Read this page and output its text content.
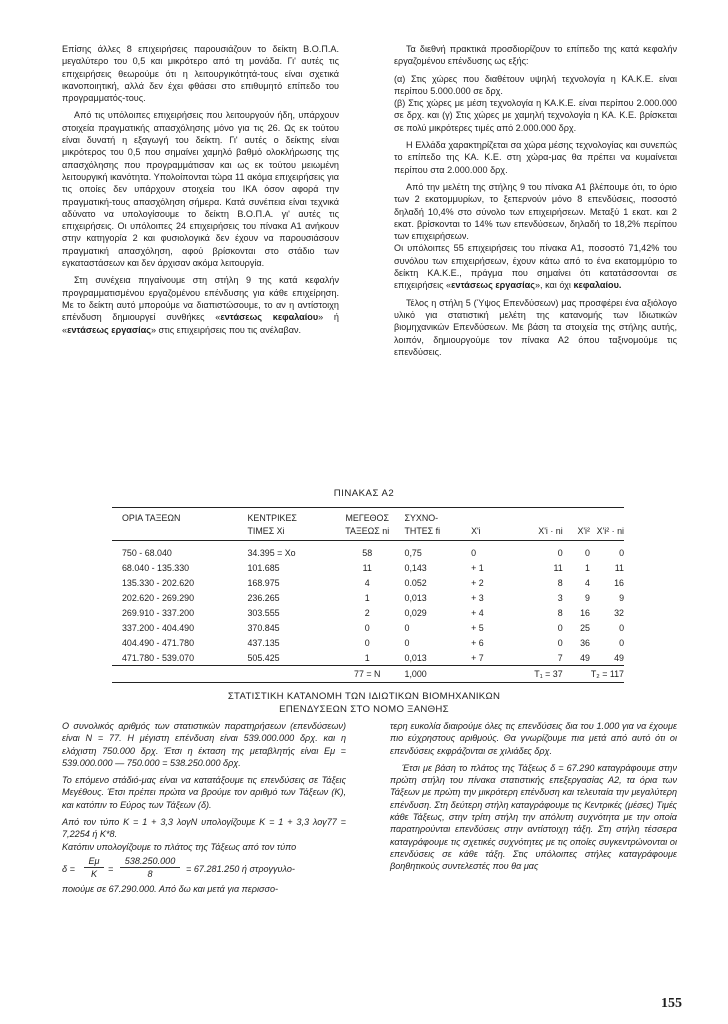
Επίσης άλλες 8 επιχειρήσεις παρουσιάζουν το δείκτη Β.Ο.Π.Α. μεγαλύτερο του 0,5 και μικρότερο από τη μονάδα. Γι' αυτές τις επιχειρήσεις θεωρούμε ότι η λειτουργικότητά-τους είναι σχετικά ικανοποιητική, αλλά δεν έχει φθάσει στο επιθυμητό επίπεδο του προγραμματός-τους.

Από τις υπόλοιπες επιχειρήσεις που λειτουργούν ήδη, υπάρχουν στοιχεία πραγματικής απασχόλησης μόνο για τις 26. Ως εκ τούτου είναι δυνατή η εξαγωγή του δείκτη. Γι' αυτές ο δείκτης είναι μικρότερος του 0,5 που σημαίνει χαμηλό βαθμό ολοκλήρωσης της απασχόλησης που προγραμμάτισαν και ως εκ τούτου μειωμένη λειτουργική ικανότητα. Υπολοίπονται τώρα 11 ακόμα επιχειρήσεις για τις οποίες δεν υπάρχουν στοιχεία του ΙΚΑ όσον αφορά την πραγματική-τους απασχόληση σήμερα. Κατά συνέπεια είναι τεχνικά αδύνατο να υπολογίσουμε το δείκτη Β.Ο.Π.Α. γι' αυτές τις επιχειρήσεις. Οι υπόλοιπες 24 επιχειρήσεις του πίνακα Α1 ανήκουν στην κατηγορία 2 και φυσιολογικά δεν έχουν να παρουσιάσουν πραγματική απασχόληση, αφού βρίσκονται στο στάδιο των εγκαταστάσεων και δεν άρχισαν ακόμα λειτουργία.

Στη συνέχεια πηγαίνουμε στη στήλη 9 της κατά κεφαλήν προγραμματισμένου εργαζομένου επένδυσης για κάθε επιχείρηση. Με το δείκτη αυτό μπορούμε να διαπιστώσουμε, το αν η αντίστοιχη επένδυση δημιουργεί συνθήκες «εντάσεως κεφαλαίου» ή «εντάσεως εργασίας» στις επιχειρήσεις που τις ανέλαβαν.

Τα διεθνή πρακτικά προσδιορίζουν το επίπεδο της κατά κεφαλήν εργαζομένου επένδυσης ως εξής:

(α) Στις χώρες που διαθέτουν υψηλή τεχνολογία η ΚΑ.Κ.Ε. είναι περίπου 5.000.000 σε δρχ.

(β) Στις χώρες με μέση τεχνολογία η ΚΑ.Κ.Ε. είναι περίπου 2.000.000 σε δρχ. και (γ) Στις χώρες με χαμηλή τεχνολογία η ΚΑ. Κ.Ε. βρίσκεται σε πολύ μικρότερες τιμές από 2.000.000 δρχ.

Η Ελλάδα χαρακτηρίζεται σα χώρα μέσης τεχνολογίας και συνεπώς το επίπεδο της ΚΑ. Κ.Ε. στη χώρα-μας θα πρέπει να κυμαίνεται περίπου στα 2.000.000 δρχ.

Από την μελέτη της στήλης 9 του πίνακα Α1 βλέπουμε ότι, το όριο των 2 εκατομμυρίων, το ξεπερνούν μόνο 8 επενδύσεις, ποσοστό δηλαδή 10,4% στο σύνολο των επιχειρήσεων. Μεταξύ 1 εκατ. και 2 εκατ. βρίσκονται το 14% των επενδύσεων, δηλαδή το 18,2% περίπου των επιχειρήσεων.

Οι υπόλοιπες 55 επιχειρήσεις του πίνακα Α1, ποσοστό 71,42% του συνόλου των επιχειρήσεων, έχουν κάτω από το ένα εκατομμύριο το δείκτη ΚΑ.Κ.Ε., πράγμα που σημαίνει ότι κατατάσσονται σε επιχειρήσεις «εντάσεως εργασίας», και όχι κεφαλαίου.

Τέλος η στήλη 5 (Ύψος Επενδύσεων) μας προσφέρει ένα αξιόλογο υλικό για στατιστική μελέτη της κατανομής των Ιδιωτικών βιομηχανικών Επενδύσεων. Με βάση τα στοιχεία της στήλης αυτής, λοιπόν, δημιουργούμε τον πίνακα Α2 όπου ταξινομούμε τις επενδύσεις.

ΠΙΝΑΚΑΣ Α2
ΟΡΙΑ ΤΑΞΕΩΝ	ΚΕΝΤΡΙΚΕΣ	ΜΕΓΕΘΟΣ	ΣΥΧΝΟ-				
	ΤΙΜΕΣ Xi	ΤΑΞΕΩΣ ni	ΤΗΤΕΣ fi	X'i	X'i · ni	X'i²	X'i² · ni
750 - 68.040	34.395 = Xo	58	0,75	0	0	0	0
68.040 - 135.330	101.685	11	0,143	+ 1	11	1	11
135.330 - 202.620	168.975	4	0.052	+ 2	8	4	16
202.620 - 269.290	236.265	1	0,013	+ 3	3	9	9
269.910 - 337.200	303.555	2	0,029	+ 4	8	16	32
337.200 - 404.490	370.845	0	0	+ 5	0	25	0
404.490 - 471.780	437.135	0	0	+ 6	0	36	0
471.780 - 539.070	505.425	1	0,013	+ 7	7	49	49
		77 = N	1,000		T₁ = 37		T₂ = 117
ΣΤΑΤΙΣΤΙΚΗ ΚΑΤΑΝΟΜΗ ΤΩΝ ΙΔΙΩΤΙΚΩΝ ΒΙΟΜΗΧΑΝΙΚΩΝ
ΕΠΕΝΔΥΣΕΩΝ ΣΤΟ ΝΟΜΟ ΞΑΝΘΗΣ

Ο συνολικός αριθμός των στατιστικών παρατηρήσεων (επενδύσεων) είναι N = 77. Η μέγιστη επένδυση είναι 539.000.000 δρχ. και η ελάχιστη 750.000 δρχ. Έτσι η έκταση της μεταβλητής είναι Εμ = 539.000.000 — 750.000 = 538.250.000 δρχ.

Το επόμενο στάδιό-μας είναι να κατατάξουμε τις επενδύσεις σε Τάξεις Μεγέθους. Έτσι πρέπει πρώτα να βρούμε τον αριθμό των Τάξεων (Κ), και κατόπιν το Εύρος των Τάξεων (δ).

Από τον τύπο Κ = 1 + 3,3 λογΝ υπολογίζουμε Κ = 1 + 3,3 λογ77 = 7,2254 ή Κ*8.

Κατόπιν υπολογίζουμε το πλάτος της Τάξεως από τον τύπο

$\delta = \frac{E\mu}{K} = \frac{538.250.000}{8} = 67.281.250$ ή στρογγυλο-

ποιούμε σε 67.290.000. Από δω και μετά για περισσο-

τερη ευκολία διαιρούμε όλες τις επενδύσεις δια του 1.000 για να έχουμε πιο εύχρηστους αριθμούς. Θα γνωρίζουμε πια μετά από αυτό ότι οι επενδύσεις εκφράζονται σε χιλιάδες δρχ.

Έτσι με βάση το πλάτος της Τάξεως δ = 67.290 καταγράφουμε στην πρώτη στήλη του πίνακα στατιστικής επεξεργασίας Α2, τα όρια των Τάξεων με πρώτη την μικρότερη επένδυση και τελευταία την μεγαλύτερη επένδυση. Στη δεύτερη στήλη καταγράφουμε τις Κεντρικές (μέσες) Τιμές κάθε Τάξεως, στην τρίτη στήλη την απόλυτη συχνότητα με την οποία παρατηρούνται επενδύσεις στην αντίστοιχη τάξη. Στη στήλη τέσσερα καταγράφουμε τις σχετικές συχνότητες με τις οποίες συγκεντρώνονται οι επενδύσεις σε κάθε τάξη. Στις υπόλοιπες στήλες καταγράφουμε βοηθητικούς συντελεστές που θα μας

155
